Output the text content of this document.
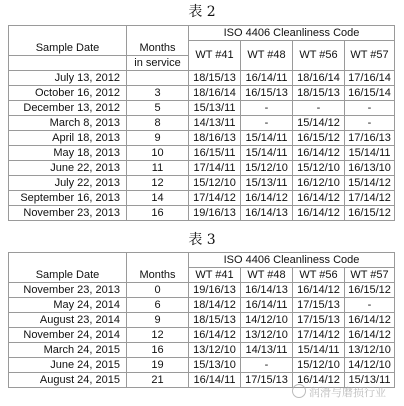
表 2
		ISO 4406 Cleanliness Code			
Sample Date	Months	WT #41	WT #48	WT #56	WT #57
	in service				
July 13, 2012		18/15/13	16/14/11	18/16/14	17/16/14
October 16, 2012	3	18/16/14	16/15/13	18/15/13	16/15/14
December 13, 2012	5	15/13/11	-	-	-
March 8, 2013	8	14/13/11	-	15/14/12	-
April 18, 2013	9	18/16/13	15/14/11	16/15/12	17/16/13
May 18, 2013	10	16/15/11	15/14/11	16/14/12	15/14/11
June 22, 2013	11	17/14/11	15/12/10	15/12/10	16/13/10
July 22, 2013	12	15/12/10	15/13/11	16/12/10	15/14/12
September 16, 2013	14	17/14/12	16/14/12	16/14/12	17/14/12
November 23, 2013	16	19/16/13	16/14/13	16/14/12	16/15/12
表 3
		ISO 4406 Cleanliness Code			
Sample Date	Months	WT #41	WT #48	WT #56	WT #57
November 23, 2013	0	19/16/13	16/14/13	16/14/12	16/15/12
May 24, 2014	6	18/14/12	16/14/11	17/15/13	-
August 23, 2014	9	18/15/13	14/12/10	17/15/13	16/14/12
November 24, 2014	12	16/14/12	13/12/10	17/14/12	16/14/12
March 24, 2015	16	13/12/10	14/13/11	15/14/11	13/12/10
June 24, 2015	19	15/13/10	-	15/12/10	14/12/10
August 24, 2015	21	16/14/11	17/15/13	16/14/12	15/13/11
润滑与磨损行业
